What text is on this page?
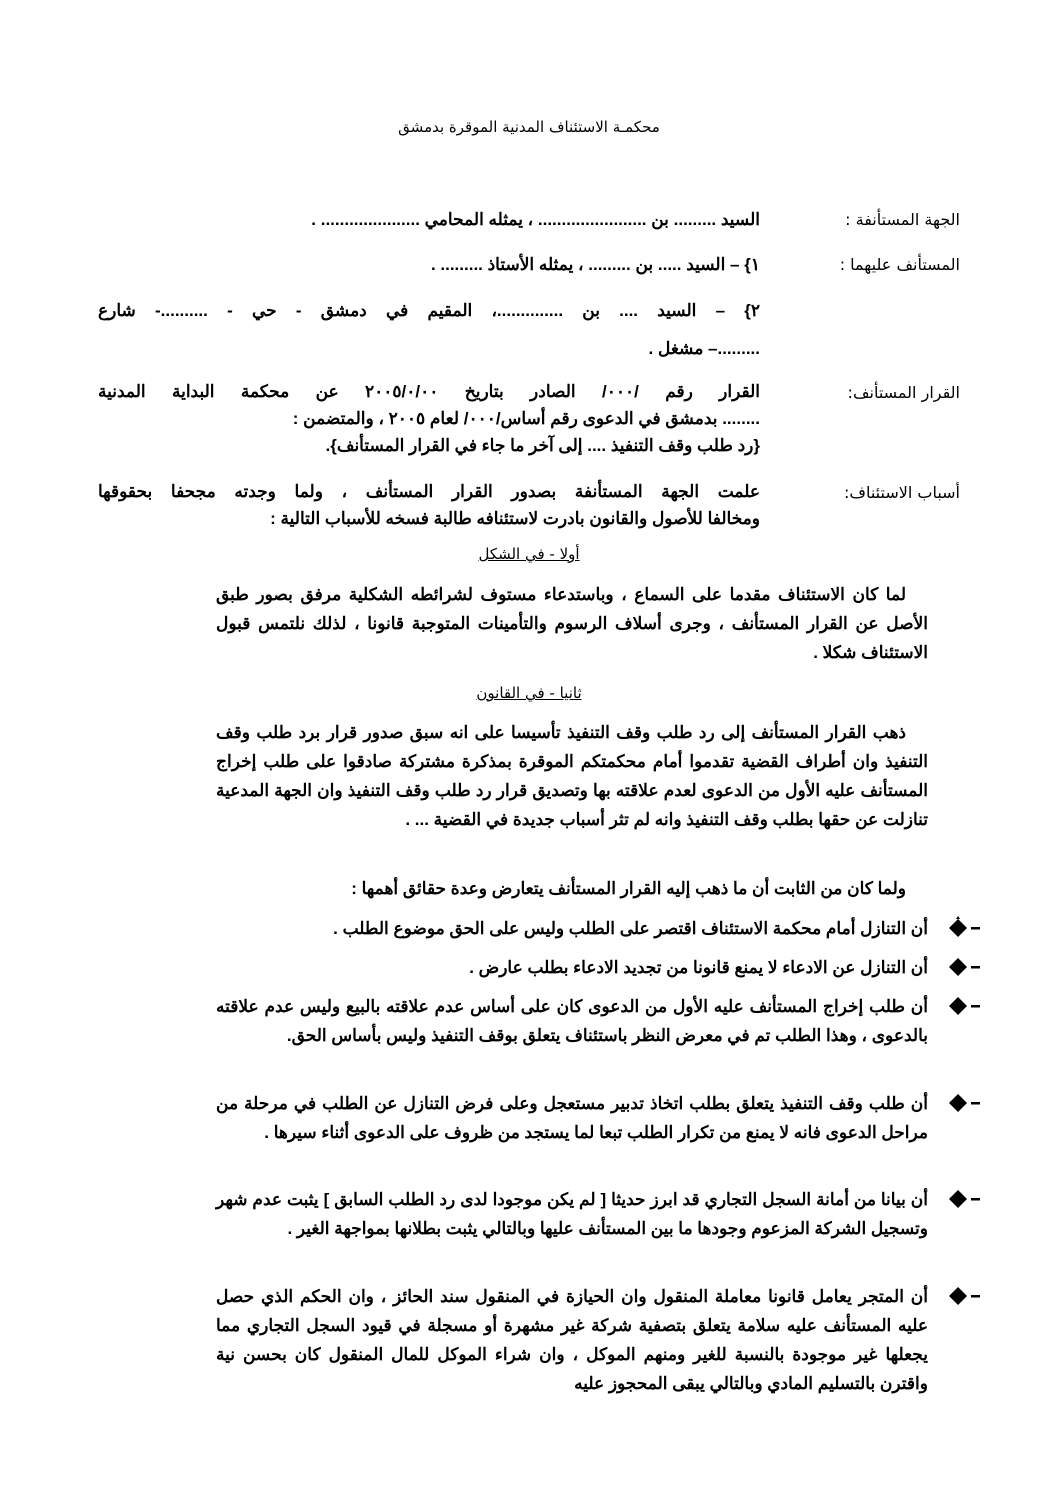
محكمـة الاستئناف المدنية الموقرة بدمشق
الجهة المستأنفة :

السيد ......... بن ....................... ، يمثله المحامي ..................... .

المستأنف عليهما :

١} – السيد ..... بن ......... ، يمثله الأستاذ ......... .

٢} – السيد .... بن ..............، المقيم في دمشق - حي - ..........- شارع

.........– مشغل .

القرار المستأنف:

القرار رقم /٠٠٠/ الصادر بتاريخ ٢٠٠٥/٠/٠٠ عن محكمة البداية المدنية

........ بدمشق في الدعوى رقم أساس/٠٠٠/ لعام ٢٠٠٥ ، والمتضمن :

{رد طلب وقف التنفيذ .... إلى آخر ما جاء في القرار المستأنف}.

أسباب الاستئناف:

علمت الجهة المستأنفة بصدور القرار المستأنف ، ولما وجدته مجحفا بحقوقها

ومخالفا للأصول والقانون بادرت لاستئنافه طالبة فسخه للأسباب التالية :

أولا - في الشكل

لما كان الاستئناف مقدما على السماع ، وباستدعاء مستوف لشرائطه الشكلية مرفق بصور طبق الأصل عن القرار المستأنف ، وجرى أسلاف الرسوم والتأمينات المتوجبة قانونا ، لذلك نلتمس قبول الاستئناف شكلا .

ثانيا - في القانون

ذهب القرار المستأنف إلى رد طلب وقف التنفيذ تأسيسا على انه سبق صدور قرار برد طلب وقف التنفيذ وان أطراف القضية تقدموا أمام محكمتكم الموقرة بمذكرة مشتركة صادقوا على طلب إخراج المستأنف عليه الأول من الدعوى لعدم علاقته بها وتصديق قرار رد طلب وقف التنفيذ وان الجهة المدعية تنازلت عن حقها بطلب وقف التنفيذ وانه لم تثر أسباب جديدة في القضية ... .

ولما كان من الثابت أن ما ذهب إليه القرار المستأنف يتعارض وعدة حقائق أهمها :

أن التنازل أمام محكمة الاستئناف اقتصر على الطلب وليس على الحق موضوع الطلب .
أن التنازل عن الادعاء لا يمنع قانونا من تجديد الادعاء بطلب عارض .
أن طلب إخراج المستأنف عليه الأول من الدعوى كان على أساس عدم علاقته بالبيع وليس عدم علاقته بالدعوى ، وهذا الطلب تم في معرض النظر باستئناف يتعلق بوقف التنفيذ وليس بأساس الحق.
أن طلب وقف التنفيذ يتعلق بطلب اتخاذ تدبير مستعجل وعلى فرض التنازل عن الطلب في مرحلة من مراحل الدعوى فانه لا يمنع من تكرار الطلب تبعا لما يستجد من ظروف على الدعوى أثناء سيرها .
أن بيانا من أمانة السجل التجاري قد ابرز حديثا [ لم يكن موجودا لدى رد الطلب السابق ] يثبت عدم شهر وتسجيل الشركة المزعوم وجودها ما بين المستأنف عليها وبالتالي يثبت بطلانها بمواجهة الغير .
أن المتجر يعامل قانونا معاملة المنقول وان الحيازة في المنقول سند الحائز ، وان الحكم الذي حصل عليه المستأنف عليه سلامة يتعلق بتصفية شركة غير مشهرة أو مسجلة في قيود السجل التجاري مما يجعلها غير موجودة بالنسبة للغير ومنهم الموكل ، وان شراء الموكل للمال المنقول كان بحسن نية واقترن بالتسليم المادي وبالتالي يبقى المحجوز عليه
